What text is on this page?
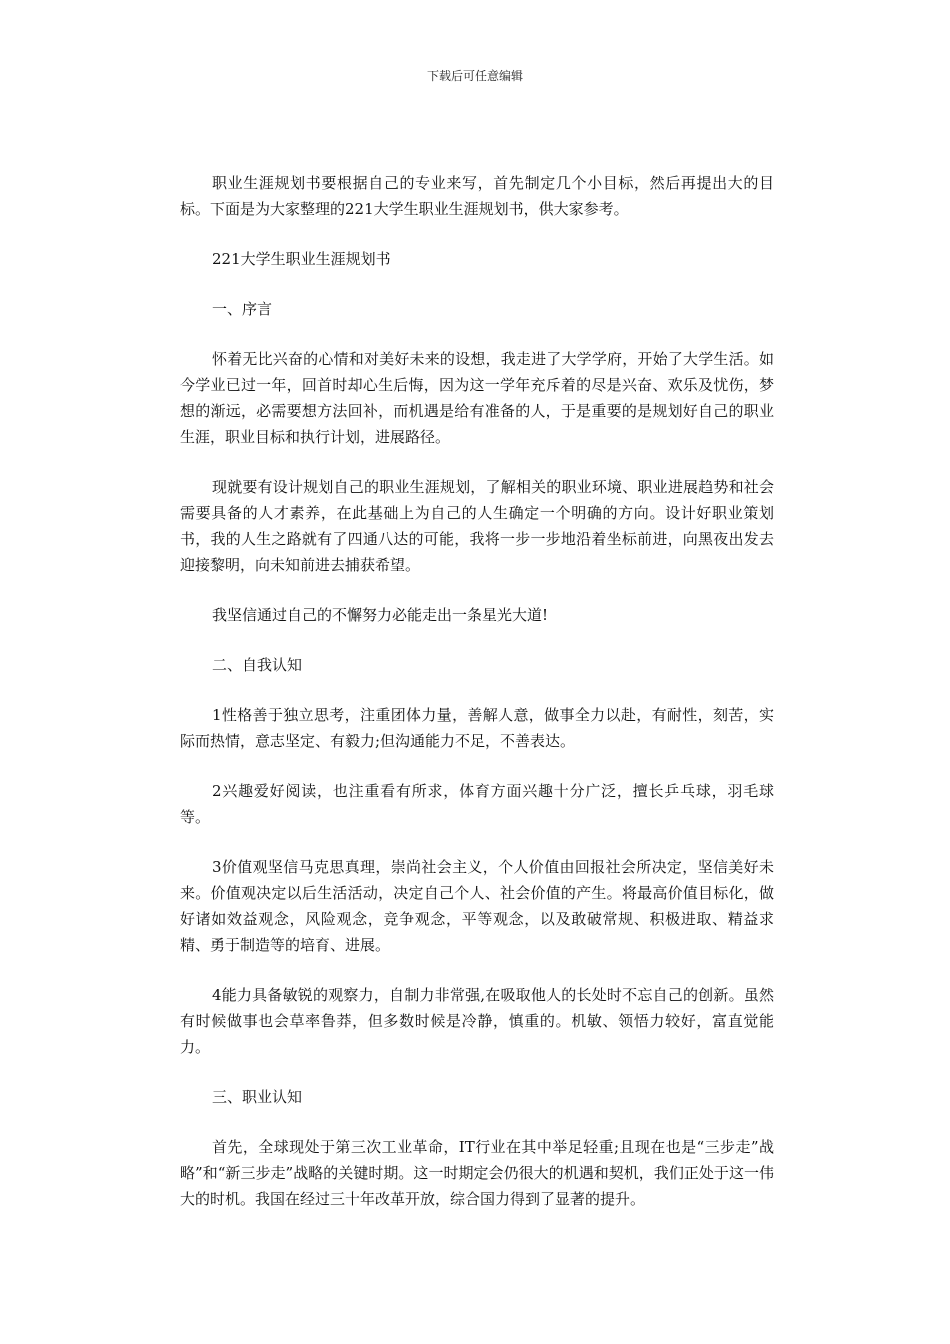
下载后可任意编辑

职业生涯规划书要根据自己的专业来写，首先制定几个小目标，然后再提出大的目标。下面是为大家整理的221大学生职业生涯规划书，供大家参考。

221大学生职业生涯规划书

一、序言

怀着无比兴奋的心情和对美好未来的设想，我走进了大学学府，开始了大学生活。如今学业已过一年，回首时却心生后悔，因为这一学年充斥着的尽是兴奋、欢乐及忧伤，梦想的渐远，必需要想方法回补，而机遇是给有准备的人，于是重要的是规划好自己的职业生涯，职业目标和执行计划，进展路径。

现就要有设计规划自己的职业生涯规划，了解相关的职业环境、职业进展趋势和社会需要具备的人才素养，在此基础上为自己的人生确定一个明确的方向。设计好职业策划书，我的人生之路就有了四通八达的可能，我将一步一步地沿着坐标前进，向黑夜出发去迎接黎明，向未知前进去捕获希望。

我坚信通过自己的不懈努力必能走出一条星光大道!

二、自我认知

1性格善于独立思考，注重团体力量，善解人意，做事全力以赴，有耐性，刻苦，实际而热情，意志坚定、有毅力;但沟通能力不足，不善表达。

2兴趣爱好阅读，也注重看有所求，体育方面兴趣十分广泛，擅长乒乓球，羽毛球等。

3价值观坚信马克思真理，崇尚社会主义，个人价值由回报社会所决定，坚信美好未来。价值观决定以后生活活动，决定自己个人、社会价值的产生。将最高价值目标化，做好诸如效益观念，风险观念，竞争观念，平等观念，以及敢破常规、积极进取、精益求精、勇于制造等的培育、进展。

4能力具备敏锐的观察力，自制力非常强,在吸取他人的长处时不忘自己的创新。虽然有时候做事也会草率鲁莽，但多数时候是冷静，慎重的。机敏、领悟力较好，富直觉能力。

三、职业认知

首先，全球现处于第三次工业革命，IT行业在其中举足轻重;且现在也是“三步走”战略”和“新三步走”战略的关键时期。这一时期定会仍很大的机遇和契机，我们正处于这一伟大的时机。我国在经过三十年改革开放，综合国力得到了显著的提升。
